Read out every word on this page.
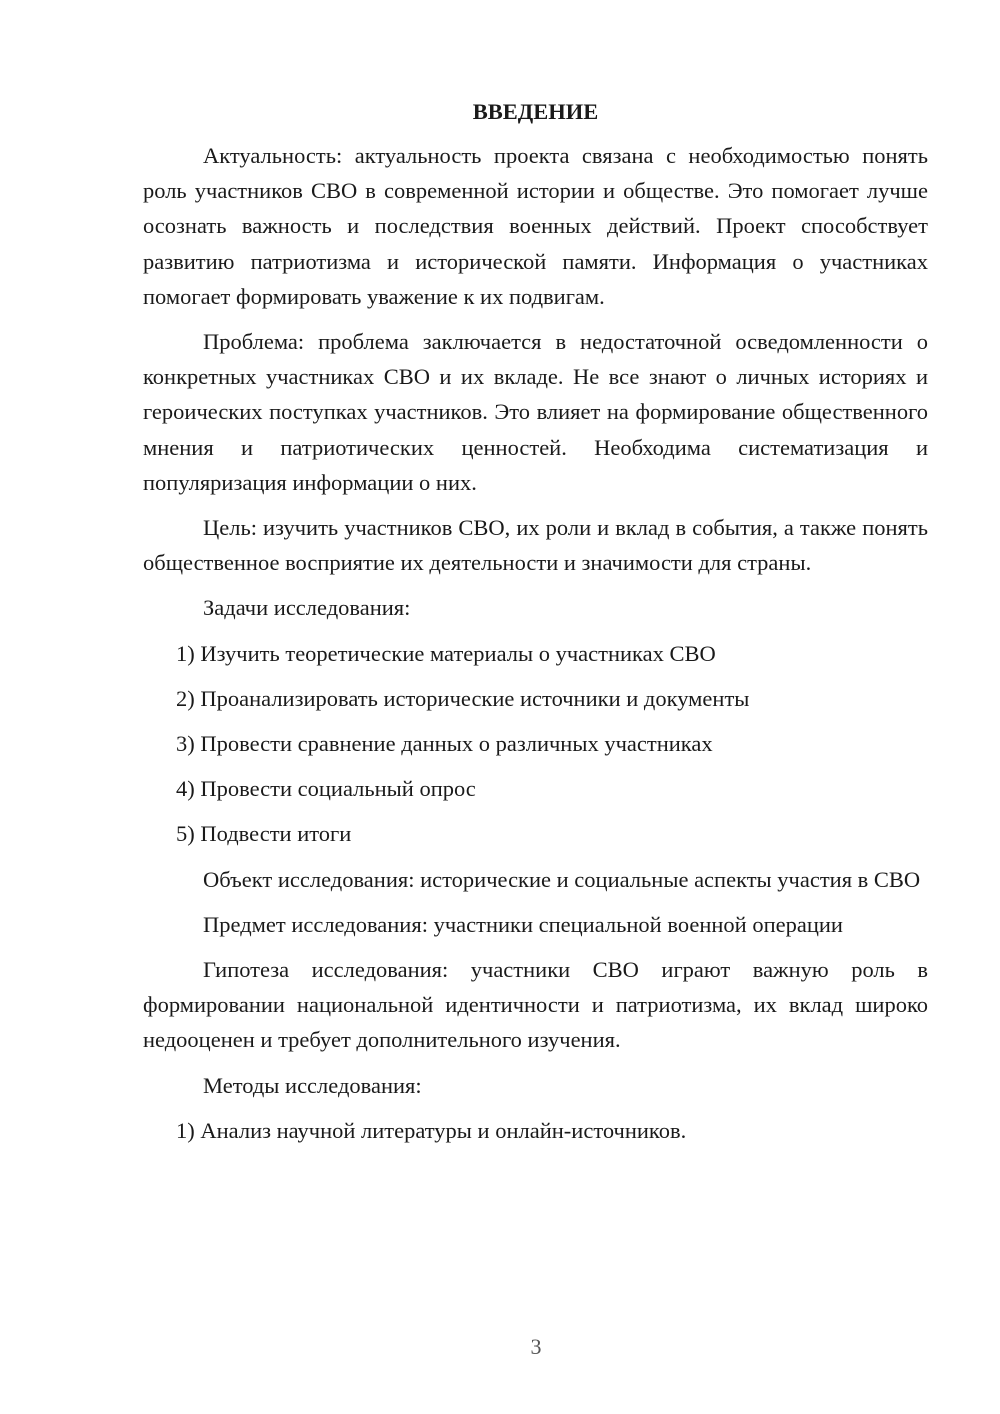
ВВЕДЕНИЕ

Актуальность: актуальность проекта связана с необходимостью понять роль участников СВО в современной истории и обществе. Это помогает лучше осознать важность и последствия военных действий. Проект способствует развитию патриотизма и исторической памяти. Информация о участниках помогает формировать уважение к их подвигам.

Проблема: проблема заключается в недостаточной осведомленности о конкретных участниках СВО и их вкладе. Не все знают о личных историях и героических поступках участников. Это влияет на формирование общественного мнения и патриотических ценностей. Необходима систематизация и популяризация информации о них.

Цель: изучить участников СВО, их роли и вклад в события, а также понять общественное восприятие их деятельности и значимости для страны.

Задачи исследования:
1) Изучить теоретические материалы о участниках СВО
2) Проанализировать исторические источники и документы
3) Провести сравнение данных о различных участниках
4) Провести социальный опрос
5) Подвести итоги

Объект исследования: исторические и социальные аспекты участия в СВО

Предмет исследования: участники специальной военной операции

Гипотеза исследования: участники СВО играют важную роль в формировании национальной идентичности и патриотизма, их вклад широко недооценен и требует дополнительного изучения.

Методы исследования:
1) Анализ научной литературы и онлайн-источников.
3
